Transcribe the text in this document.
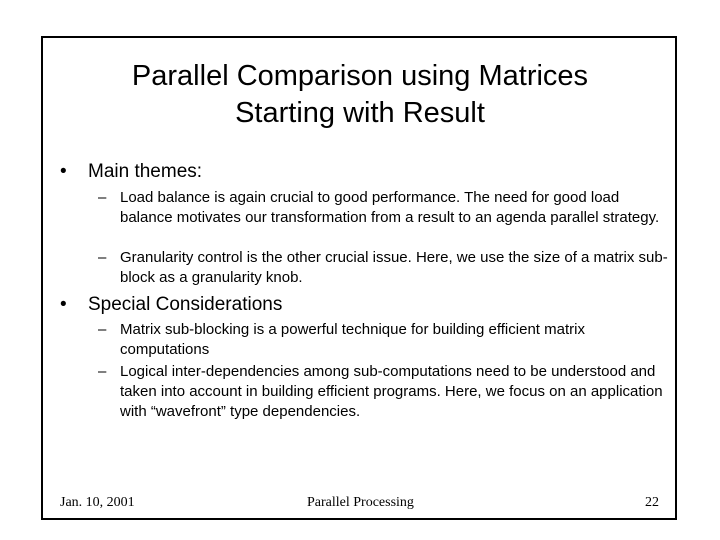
Parallel Comparison using Matrices
Starting with Result
• Main themes:
– Load balance is again crucial to good performance. The need for good load balance motivates our transformation from a result to an agenda parallel strategy.
– Granularity control is the other crucial issue. Here, we use the size of a matrix sub-block as a granularity knob.
• Special Considerations
– Matrix sub-blocking is a powerful technique for building efficient matrix computations
– Logical inter-dependencies among sub-computations need to be understood and taken into account in building efficient programs. Here, we focus on an application with “wavefront” type dependencies.
Jan. 10, 2001	Parallel Processing	22
